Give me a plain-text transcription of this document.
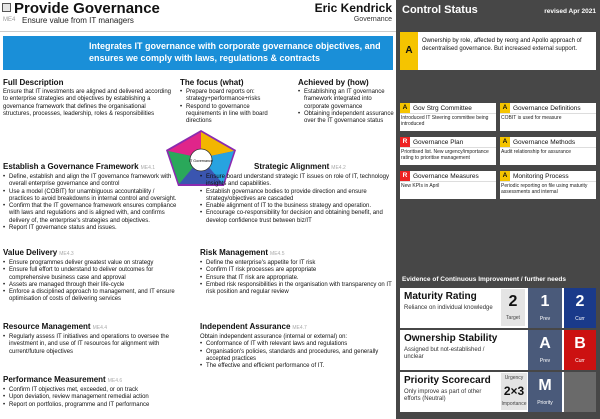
Provide Governance
ME4 Ensure value from IT managers
Eric Kendrick
Governance
Integrates IT governance with corporate governance objectives, and
ensures we comply with laws, regulations & contracts
Full Description
Ensure that IT investments are aligned and delivered according to enterprise strategies and objectives by establishing a governance framework that defines the organisational structures, processes, leadership, roles & responsibilities
The focus (what)
• Prepare board reports on: strategy+performance+risks
• Respond to governance requirements in line with board directions
Achieved by (how)
• Establishing an IT governance framework integrated into corporate governance
• Obtaining independent assurance over the IT governance status
IT Governance
Establish a Governance Framework ME4.1
• Define, establish and align the IT governance framework with overall enterprise governance and control
• Use a model (COBIT) for unambiguous accountability / practices to avoid breakdowns in internal control and oversight.
• Confirm that the IT governance framework ensures compliance with laws and regulations and is aligned with, and confirms delivery of, the enterprise's strategies and objectives.
• Report IT governance status and issues.
Strategic Alignment ME4.2
• Ensure board understand strategic IT issues on role of IT, technology insights and capabilities.
• Establish governance bodies to provide direction and ensure strategy/objectives are cascaded
• Enable alignment of IT to the business strategy and operation.
• Encourage co-responsibility for decision and obtaining benefit, and develop confidence trust between biz/IT
Value Delivery ME4.3
• Ensure programmes deliver greatest value on strategy
• Ensure full effort to understand to deliver outcomes for comprehensive business case and approval
• Assets are managed through their life-cycle
• Enforce a disciplined approach to management, and IT ensure optimisation of costs of delivering services
Risk Management ME4.5
• Define the enterprise's appetite for IT risk
• Confirm IT risk processes are appropriate
• Ensure that IT risk are appropriate.
• Embed risk responsibilities in the organisation with transparency on IT risk position and regular review
Resource Management ME4.4
• Regularly assess IT initiatives and operations to oversee the investment in, and use of IT resources for alignment with current/future objectives
Independent Assurance ME4.7
Obtain independent assurance (internal or external) on:
• Conformance of IT with relevant laws and regulations
• Organisation's policies, standards and procedures, and generally accepted practices
• The effective and efficient performance of IT.
Performance Measurement ME4.6
• Confirm IT objectives met, exceeded, or on track
• Upon deviation, review management remedial action
• Report on portfolios, programme and IT performance
Control Status	revised Apr 2021
A
Ownership by role, affected by reorg and Apollo approach of decentralised governance. But increased external support.
A Gov Strg Committee
Introduced IT Steering committee being introduced
A Governance Definitions
COBIT is used for measure
R Governance Plan
Prioritised list. New urgency/importance rating to prioritise management
A Governance Methods
Audit relationship for assurance
R Governance Measures
New KPIs in April
A Monitoring Process
Periodic reporting on file using maturity assessments and internal
Evidence of Continuous Improvement / further needs
Maturity Rating
Reliance on individual knowledge 2
Target
1
Prev
2
Curr
Ownership Stability
Assigned but not-established / unclear
A
Prev
B
Curr
Priority Scorecard
Only improve as part of other efforts (Neutral)
Urgency
2×3
Importance
M
Priority
